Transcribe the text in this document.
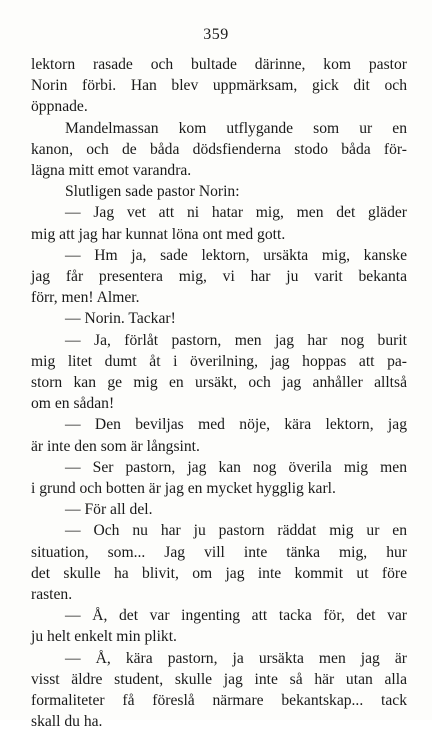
359
lektorn rasade och bultade därinne, kom pastor
Norin förbi. Han blev uppmärksam, gick dit och
öppnade.
Mandelmassan kom utflygande som ur en
kanon, och de båda dödsfienderna stodo båda för-
lägna mitt emot varandra.
Slutligen sade pastor Norin:
— Jag vet att ni hatar mig, men det gläder
mig att jag har kunnat löna ont med gott.
— Hm ja, sade lektorn, ursäkta mig, kanske
jag får presentera mig, vi har ju varit bekanta
förr, men! Almer.
— Norin. Tackar!
— Ja, förlåt pastorn, men jag har nog burit
mig litet dumt åt i överilning, jag hoppas att pa-
storn kan ge mig en ursäkt, och jag anhåller alltså
om en sådan!
— Den beviljas med nöje, kära lektorn, jag
är inte den som är långsint.
— Ser pastorn, jag kan nog överila mig men
i grund och botten är jag en mycket hygglig karl.
— För all del.
— Och nu har ju pastorn räddat mig ur en
situation, som... Jag vill inte tänka mig, hur
det skulle ha blivit, om jag inte kommit ut före
rasten.
— Å, det var ingenting att tacka för, det var
ju helt enkelt min plikt.
— Å, kära pastorn, ja ursäkta men jag är
visst äldre student, skulle jag inte så här utan alla
formaliteter få föreslå närmare bekantskap... tack
skall du ha.
